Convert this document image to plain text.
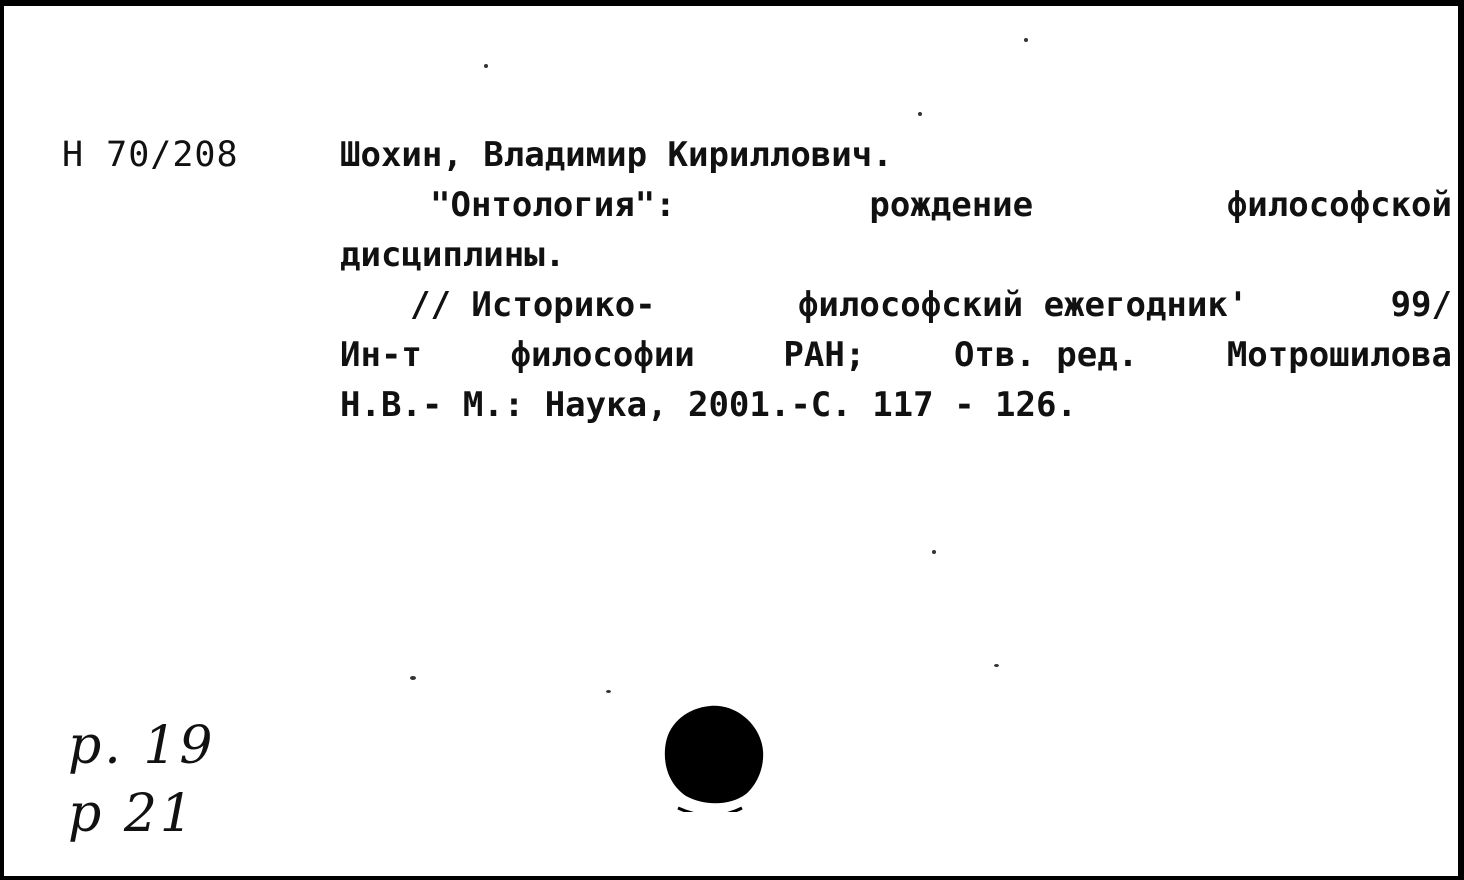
Н 70/208	Шохин, Владимир Кириллович.
"Онтология":	рождение	философской
дисциплины.
// Историко-	философский ежегодник'	99/
Ин-т	философии	РАН;	Отв. ред.	Мотрошилова
Н.В.- М.: Наука, 2001.-С. 117 - 126.
р. 19
р 21
